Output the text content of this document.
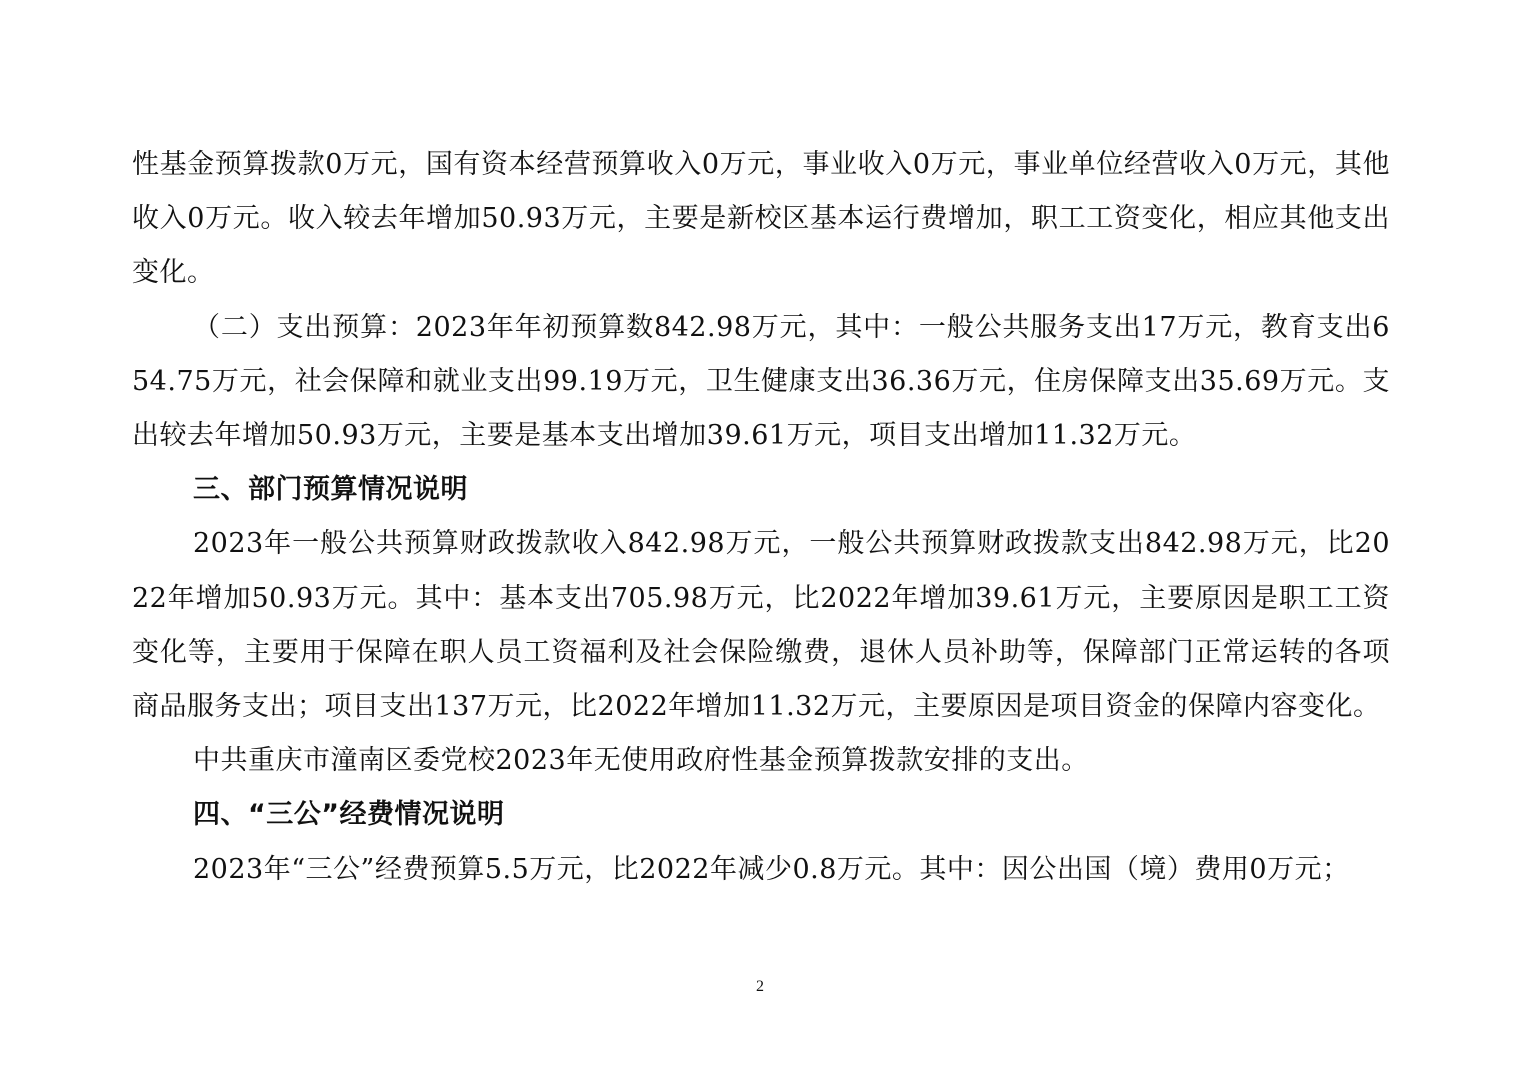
性基金预算拨款0万元，国有资本经营预算收入0万元，事业收入0万元，事业单位经营收入0万元，其他收入0万元。收入较去年增加50.93万元，主要是新校区基本运行费增加，职工工资变化，相应其他支出变化。

（二）支出预算：2023年年初预算数842.98万元，其中：一般公共服务支出17万元，教育支出654.75万元，社会保障和就业支出99.19万元，卫生健康支出36.36万元，住房保障支出35.69万元。支出较去年增加50.93万元，主要是基本支出增加39.61万元，项目支出增加11.32万元。

三、部门预算情况说明

2023年一般公共预算财政拨款收入842.98万元，一般公共预算财政拨款支出842.98万元，比2022年增加50.93万元。其中：基本支出705.98万元，比2022年增加39.61万元，主要原因是职工工资变化等，主要用于保障在职人员工资福利及社会保险缴费，退休人员补助等，保障部门正常运转的各项商品服务支出；项目支出137万元，比2022年增加11.32万元，主要原因是项目资金的保障内容变化。

中共重庆市潼南区委党校2023年无使用政府性基金预算拨款安排的支出。

四、“三公”经费情况说明

2023年“三公”经费预算5.5万元，比2022年减少0.8万元。其中：因公出国（境）费用0万元；

2
